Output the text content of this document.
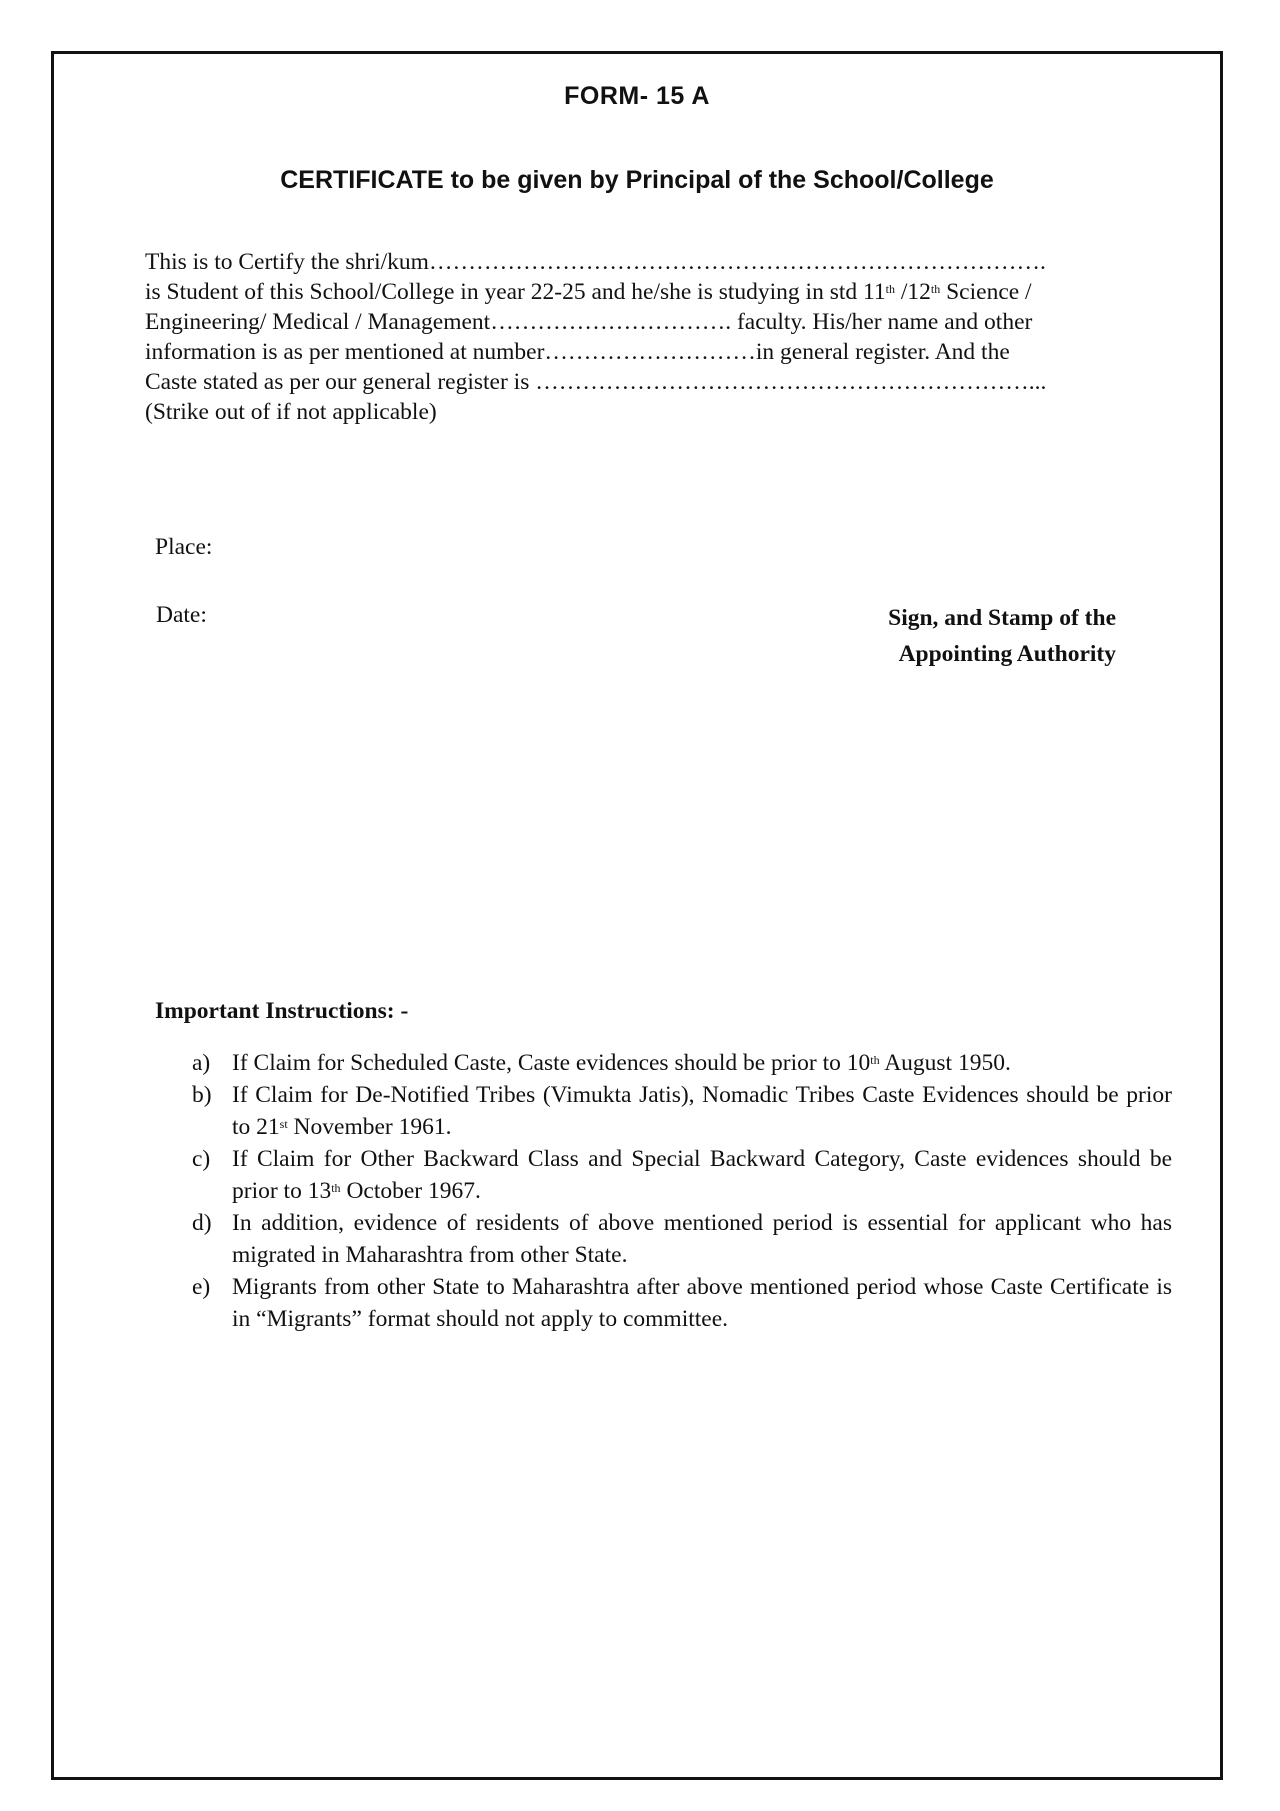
FORM- 15 A
CERTIFICATE to be given by Principal of the School/College
This is to Certify the shri/kum…………………………………………………………………….
is Student of this School/College in year 22-25 and he/she is studying in std 11th /12th Science /
Engineering/ Medical / Management…………………………. faculty. His/her name and other
information is as per mentioned at number………………………in general register. And the
Caste stated as per our general register is ………………………………………………………...
(Strike out of if not applicable)
Place:
Date:	Sign, and Stamp of the
Appointing Authority
Important Instructions: -
a) If Claim for Scheduled Caste, Caste evidences should be prior to 10th August 1950.
b) If Claim for De-Notified Tribes (Vimukta Jatis), Nomadic Tribes Caste Evidences should be prior to 21st November 1961.
c) If Claim for Other Backward Class and Special Backward Category, Caste evidences should be prior to 13th October 1967.
d) In addition, evidence of residents of above mentioned period is essential for applicant who has migrated in Maharashtra from other State.
e) Migrants from other State to Maharashtra after above mentioned period whose Caste Certificate is in “Migrants” format should not apply to committee.
